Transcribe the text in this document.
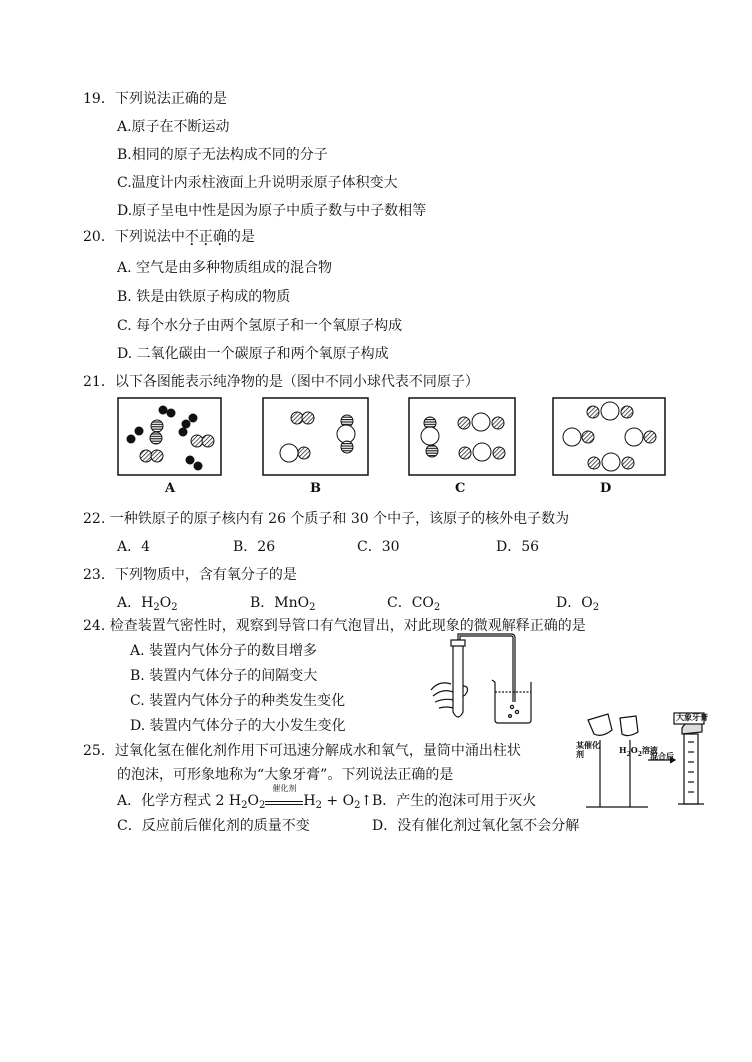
19．下列说法正确的是
A.原子在不断运动
B.相同的原子无法构成不同的分子
C.温度计内汞柱液面上升说明汞原子体积变大
D.原子呈电中性是因为原子中质子数与中子数相等
20．下列说法中不正确的是
A. 空气是由多种物质组成的混合物
B. 铁是由铁原子构成的物质
C. 每个水分子由两个氢原子和一个氧原子构成
D. 二氧化碳由一个碳原子和两个氧原子构成
21．以下各图能表示纯净物的是（图中不同小球代表不同原子）
A	B	C	D
22. 一种铁原子的原子核内有 26 个质子和 30 个中子，该原子的核外电子数为
A．4	B．26	C．30	D．56
23．下列物质中，含有氧分子的是
A．$H_2O_2$	B．MnO$_2$	C．$CO_2$	D．$O_2$
24. 检查装置气密性时，观察到导管口有气泡冒出，对此现象的微观解释正确的是
A. 装置内气体分子的数目增多
B. 装置内气体分子的间隔变大
C. 装置内气体分子的种类发生变化
D. 装置内气体分子的大小发生变化
25．过氧化氢在催化剂作用下可迅速分解成水和氧气，量筒中涌出柱状
的泡沫，可形象地称为“大象牙膏”。下列说法正确的是
A．化学方程式 2 $H_2O_2$
催化剂
$H_2$ + $O_2↑$ B．产生的泡沫可用于灭火
C．反应前后催化剂的质量不变	D．没有催化剂过氧化氢不会分解
某催化剂	$H_2O_2$溶液
混合后
大象牙膏
